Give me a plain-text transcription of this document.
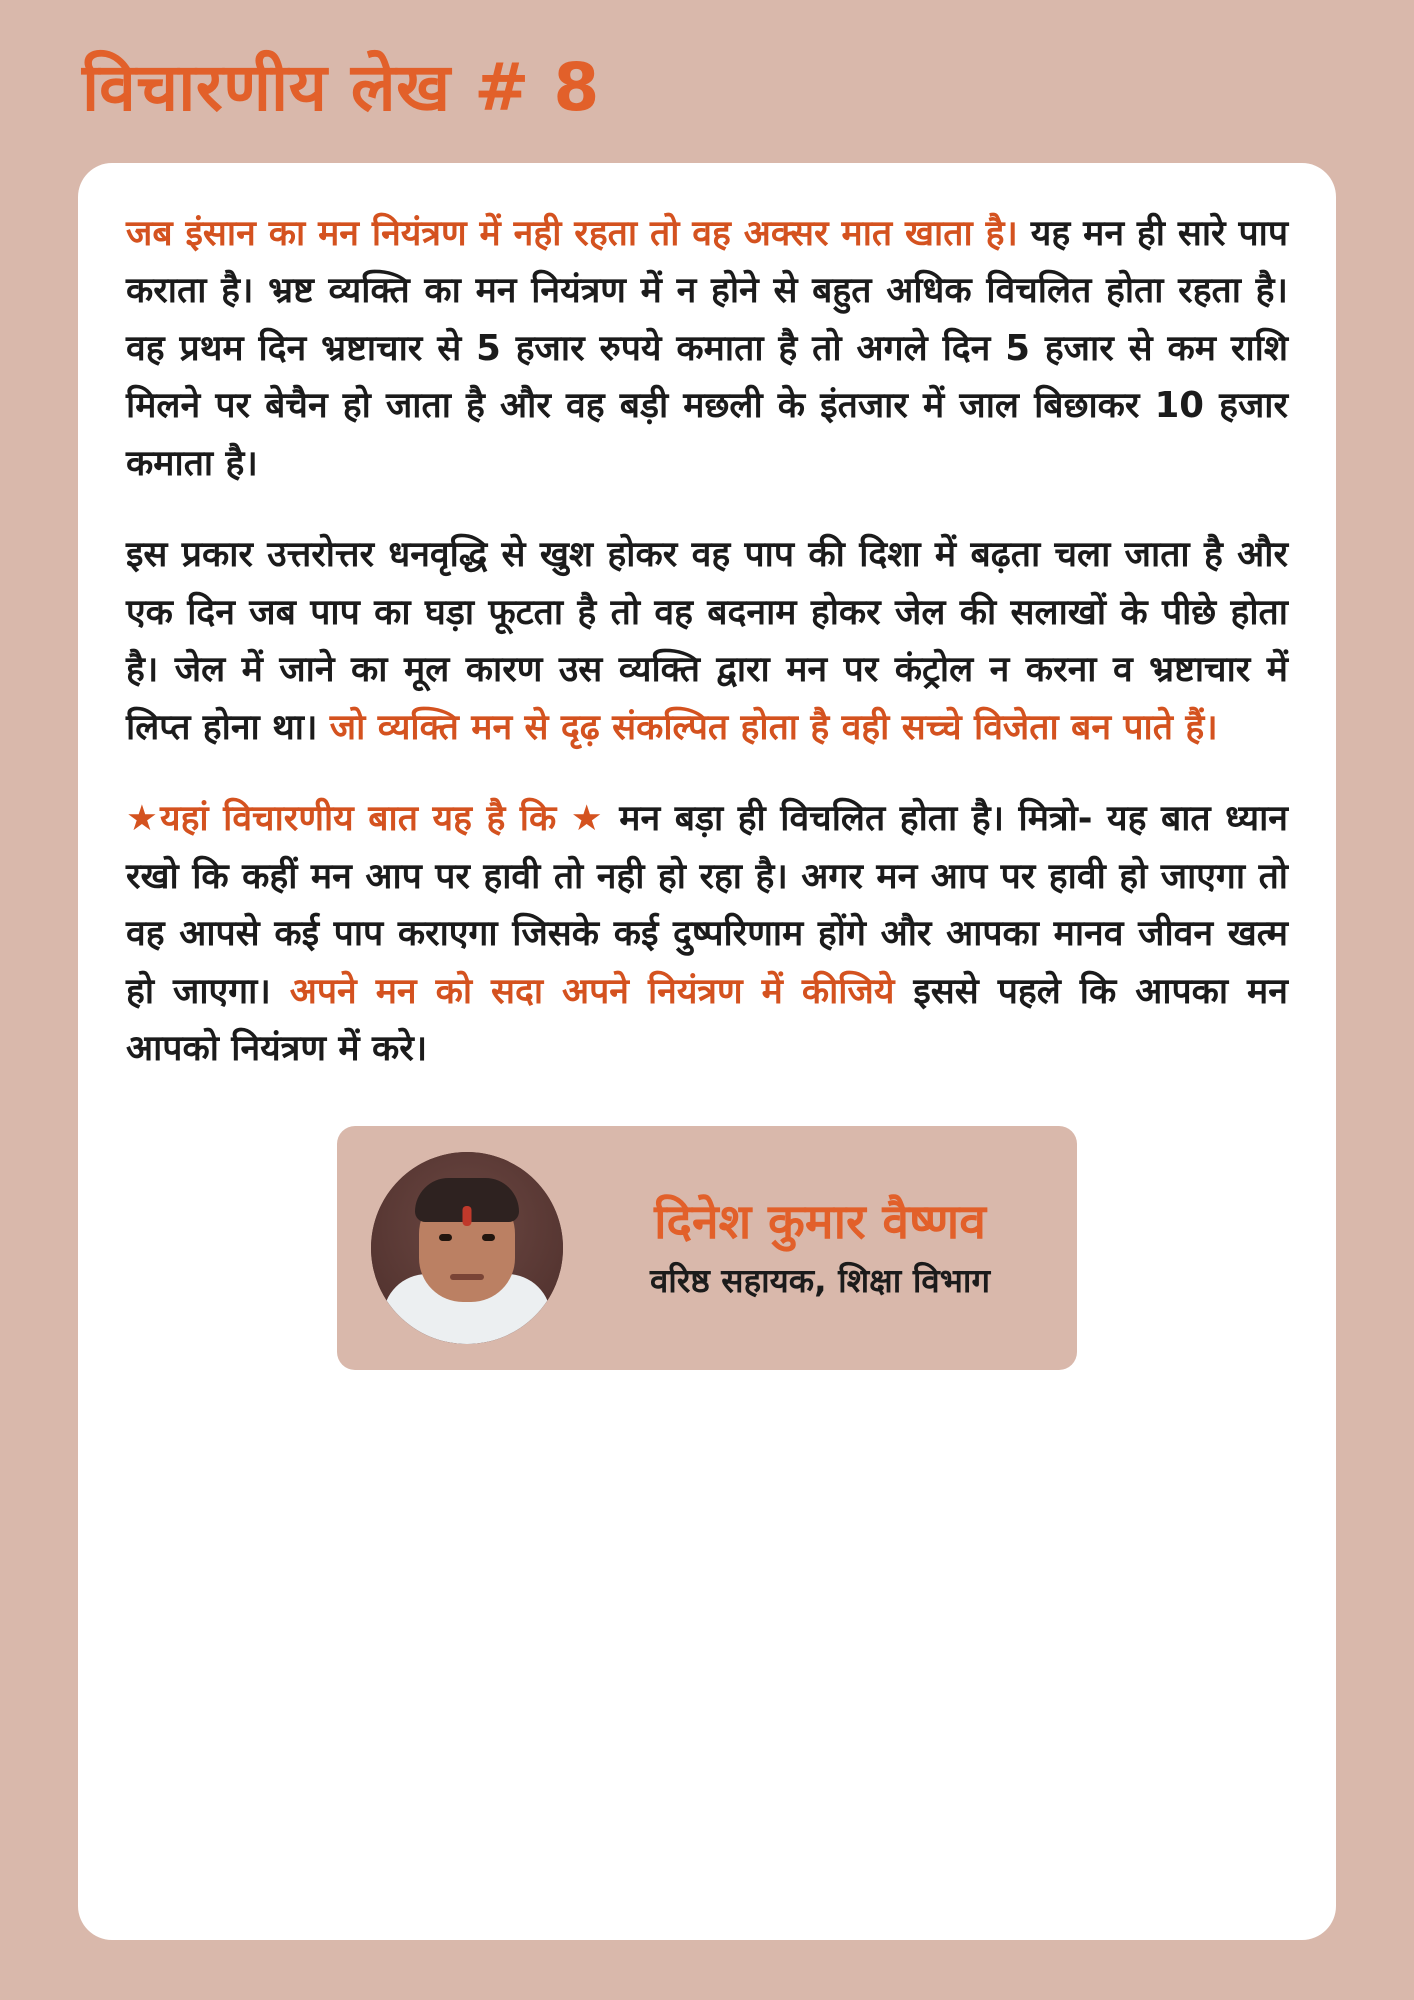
विचारणीय लेख # 8

जब इंसान का मन नियंत्रण में नही रहता तो वह अक्सर मात खाता है। यह मन ही सारे पाप कराता है। भ्रष्ट व्यक्ति का मन नियंत्रण में न होने से बहुत अधिक विचलित होता रहता है। वह प्रथम दिन भ्रष्टाचार से 5 हजार रुपये कमाता है तो अगले दिन 5 हजार से कम राशि मिलने पर बेचैन हो जाता है और वह बड़ी मछली के इंतजार में जाल बिछाकर 10 हजार कमाता है।

इस प्रकार उत्तरोत्तर धनवृद्धि से खुश होकर वह पाप की दिशा में बढ़ता चला जाता है और एक दिन जब पाप का घड़ा फूटता है तो वह बदनाम होकर जेल की सलाखों के पीछे होता है। जेल में जाने का मूल कारण उस व्यक्ति द्वारा मन पर कंट्रोल न करना व भ्रष्टाचार में लिप्त होना था। जो व्यक्ति मन से दृढ़ संकल्पित होता है वही सच्चे विजेता बन पाते हैं।

★यहां विचारणीय बात यह है कि ★ मन बड़ा ही विचलित होता है। मित्रो- यह बात ध्यान रखो कि कहीं मन आप पर हावी तो नही हो रहा है। अगर मन आप पर हावी हो जाएगा तो वह आपसे कई पाप कराएगा जिसके कई दुष्परिणाम होंगे और आपका मानव जीवन खत्म हो जाएगा। अपने मन को सदा अपने नियंत्रण में कीजिये इससे पहले कि आपका मन आपको नियंत्रण में करे।

दिनेश कुमार वैष्णव
वरिष्ठ सहायक, शिक्षा विभाग
